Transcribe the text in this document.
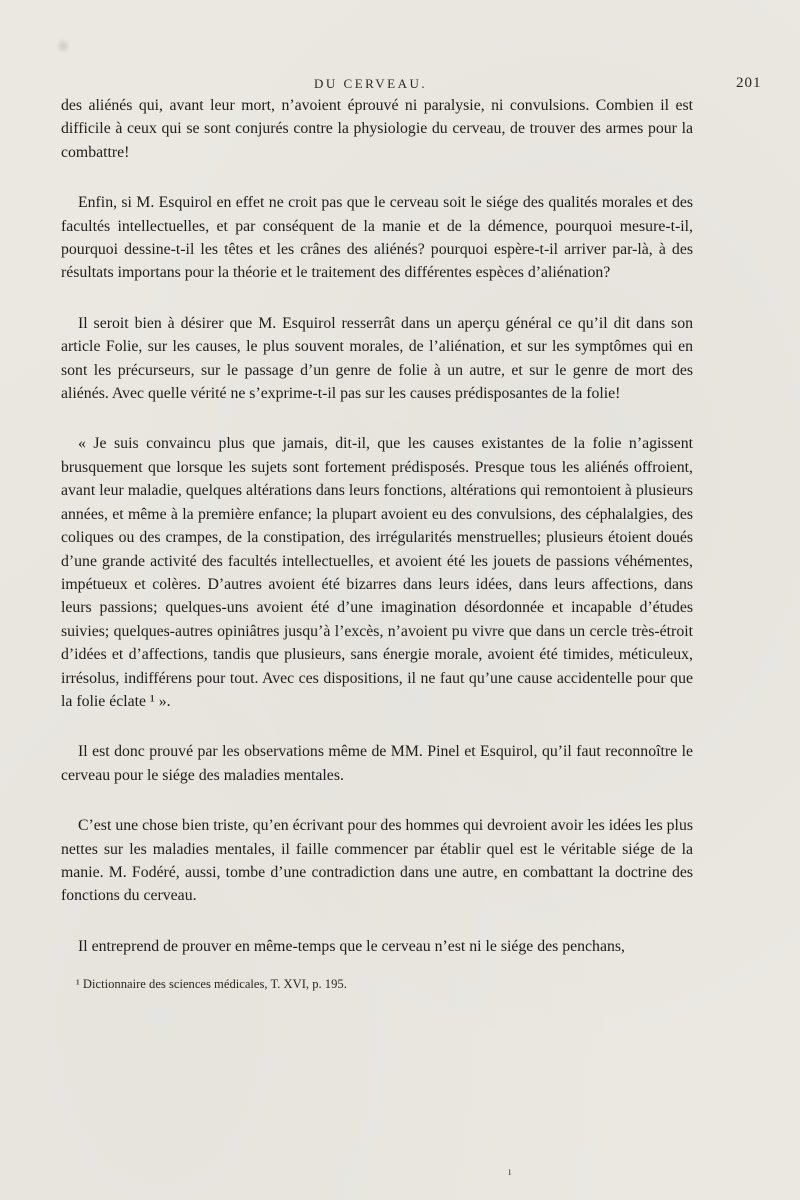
DU CERVEAU.	201

des aliénés qui, avant leur mort, n’avoient éprouvé ni paralysie, ni convulsions. Combien il est difficile à ceux qui se sont conjurés contre la physiologie du cerveau, de trouver des armes pour la combattre!

Enfin, si M. Esquirol en effet ne croit pas que le cerveau soit le siége des qualités morales et des facultés intellectuelles, et par conséquent de la manie et de la démence, pourquoi mesure-t-il, pourquoi dessine-t-il les têtes et les crânes des aliénés? pourquoi espère-t-il arriver par-là, à des résultats importans pour la théorie et le traitement des différentes espèces d’aliénation?

Il seroit bien à désirer que M. Esquirol resserrât dans un aperçu général ce qu’il dit dans son article Folie, sur les causes, le plus souvent morales, de l’aliénation, et sur les symptômes qui en sont les précurseurs, sur le passage d’un genre de folie à un autre, et sur le genre de mort des aliénés. Avec quelle vérité ne s’exprime-t-il pas sur les causes prédisposantes de la folie!

« Je suis convaincu plus que jamais, dit-il, que les causes existantes de la folie n’agissent brusquement que lorsque les sujets sont fortement prédisposés. Presque tous les aliénés offroient, avant leur maladie, quelques altérations dans leurs fonctions, altérations qui remontoient à plusieurs années, et même à la première enfance; la plupart avoient eu des convulsions, des céphalalgies, des coliques ou des crampes, de la constipation, des irrégularités menstruelles; plusieurs étoient doués d’une grande activité des facultés intellectuelles, et avoient été les jouets de passions véhémentes, impétueux et colères. D’autres avoient été bizarres dans leurs idées, dans leurs affections, dans leurs passions; quelques-uns avoient été d’une imagination désordonnée et incapable d’études suivies; quelques-autres opiniâtres jusqu’à l’excès, n’avoient pu vivre que dans un cercle très-étroit d’idées et d’affections, tandis que plusieurs, sans énergie morale, avoient été timides, méticuleux, irrésolus, indifférens pour tout. Avec ces dispositions, il ne faut qu’une cause accidentelle pour que la folie éclate ¹ ».

Il est donc prouvé par les observations même de MM. Pinel et Esquirol, qu’il faut reconnoître le cerveau pour le siége des maladies mentales.

C’est une chose bien triste, qu’en écrivant pour des hommes qui devroient avoir les idées les plus nettes sur les maladies mentales, il faille commencer par établir quel est le véritable siége de la manie. M. Fodéré, aussi, tombe d’une contradiction dans une autre, en combattant la doctrine des fonctions du cerveau.

Il entreprend de prouver en même-temps que le cerveau n’est ni le siége des penchans,

¹ Dictionnaire des sciences médicales, T. XVI, p. 195.
ı
